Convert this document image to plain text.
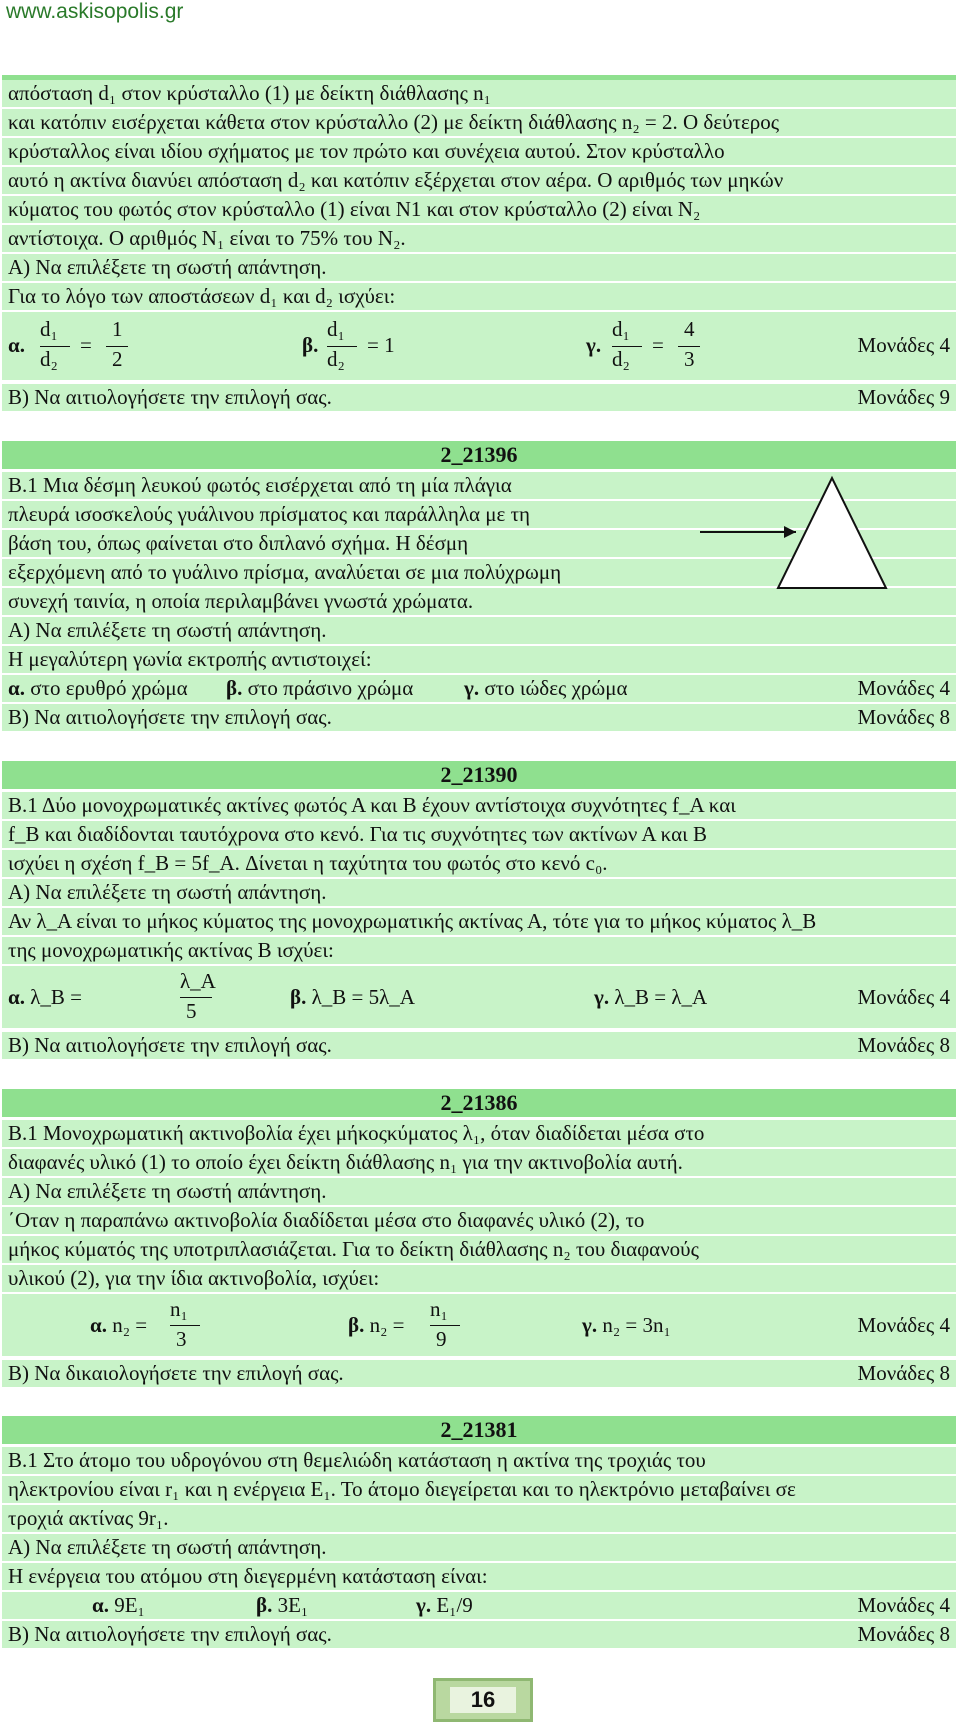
www.askisopolis.gr
απόσταση d₁ στον κρύσταλλο (1) με δείκτη διάθλασης n₁
και κατόπιν εισέρχεται κάθετα στον κρύσταλλο (2) με δείκτη διάθλασης n₂ = 2. Ο δεύτερος
κρύσταλλος είναι ιδίου σχήματος με τον πρώτο και συνέχεια αυτού. Στον κρύσταλλο
αυτό η ακτίνα διανύει απόσταση d₂ και κατόπιν εξέρχεται στον αέρα. Ο αριθμός των μηκών
κύματος του φωτός στον κρύσταλλο (1) είναι Ν1 και στον κρύσταλλο (2) είναι Ν₂
αντίστοιχα. Ο αριθμός Ν₁ είναι το 75% του Ν₂.
Α) Να επιλέξετε τη σωστή απάντηση.
Για το λόγο των αποστάσεων d₁ και d₂ ισχύει:
α.
d₁
d₂
=
1
2
β.
d₁
d₂
= 1	γ.
d₁
d₂
=
4
3
Μονάδες 4
Β) Να αιτιολογήσετε την επιλογή σας.	Μονάδες 9
2_21396
Β.1 Μια δέσμη λευκού φωτός εισέρχεται από τη μία πλάγια
πλευρά ισοσκελούς γυάλινου πρίσματος και παράλληλα με τη
βάση του, όπως φαίνεται στο διπλανό σχήμα. Η δέσμη
εξερχόμενη από το γυάλινο πρίσμα, αναλύεται σε μια πολύχρωμη
συνεχή ταινία, η οποία περιλαμβάνει γνωστά χρώματα.
Α) Να επιλέξετε τη σωστή απάντηση.
Η μεγαλύτερη γωνία εκτροπής αντιστοιχεί:
α. στο ερυθρό χρώμα β. στο πράσινο χρώμα γ. στο ιώδες χρώμα	Μονάδες 4
Β) Να αιτιολογήσετε την επιλογή σας.	Μονάδες 8
2_21390
Β.1 Δύο μονοχρωματικές ακτίνες φωτός Α και Β έχουν αντίστοιχα συχνότητες f_A και
f_B και διαδίδονται ταυτόχρονα στο κενό. Για τις συχνότητες των ακτίνων Α και Β
ισχύει η σχέση f_B = 5f_A. Δίνεται η ταχύτητα του φωτός στο κενό c₀.
Α) Να επιλέξετε τη σωστή απάντηση.
Αν λ_A είναι το μήκος κύματος της μονοχρωματικής ακτίνας Α, τότε για το μήκος κύματος λ_B
της μονοχρωματικής ακτίνας Β ισχύει:
α. λ_B =
λ_A
5
β. λ_B = 5λ_A	γ. λ_B = λ_A	Μονάδες 4
Β) Να αιτιολογήσετε την επιλογή σας.	Μονάδες 8
2_21386
Β.1 Μονοχρωματική ακτινοβολία έχει μήκοςκύματος λ₁, όταν διαδίδεται μέσα στο
διαφανές υλικό (1) το οποίο έχει δείκτη διάθλασης n₁ για την ακτινοβολία αυτή.
Α) Να επιλέξετε τη σωστή απάντηση.
΄Οταν η παραπάνω ακτινοβολία διαδίδεται μέσα στο διαφανές υλικό (2), το
μήκος κύματός της υποτριπλασιάζεται. Για το δείκτη διάθλασης n₂ του διαφανούς
υλικού (2), για την ίδια ακτινοβολία, ισχύει:
α. n₂ =
n₁
3
β. n₂ =
n₁
9
γ. n₂ = 3n₁	Μονάδες 4
Β) Να δικαιολογήσετε την επιλογή σας.	Μονάδες 8
2_21381
Β.1 Στο άτομο του υδρογόνου στη θεμελιώδη κατάσταση η ακτίνα της τροχιάς του
ηλεκτρονίου είναι r₁ και η ενέργεια Ε₁. Το άτομο διεγείρεται και το ηλεκτρόνιο μεταβαίνει σε
τροχιά ακτίνας 9r₁.
Α) Να επιλέξετε τη σωστή απάντηση.
Η ενέργεια του ατόμου στη διεγερμένη κατάσταση είναι:
α. 9Ε₁	β. 3Ε₁	γ. Ε₁/9	Μονάδες 4
Β) Να αιτιολογήσετε την επιλογή σας.	Μονάδες 8
16
